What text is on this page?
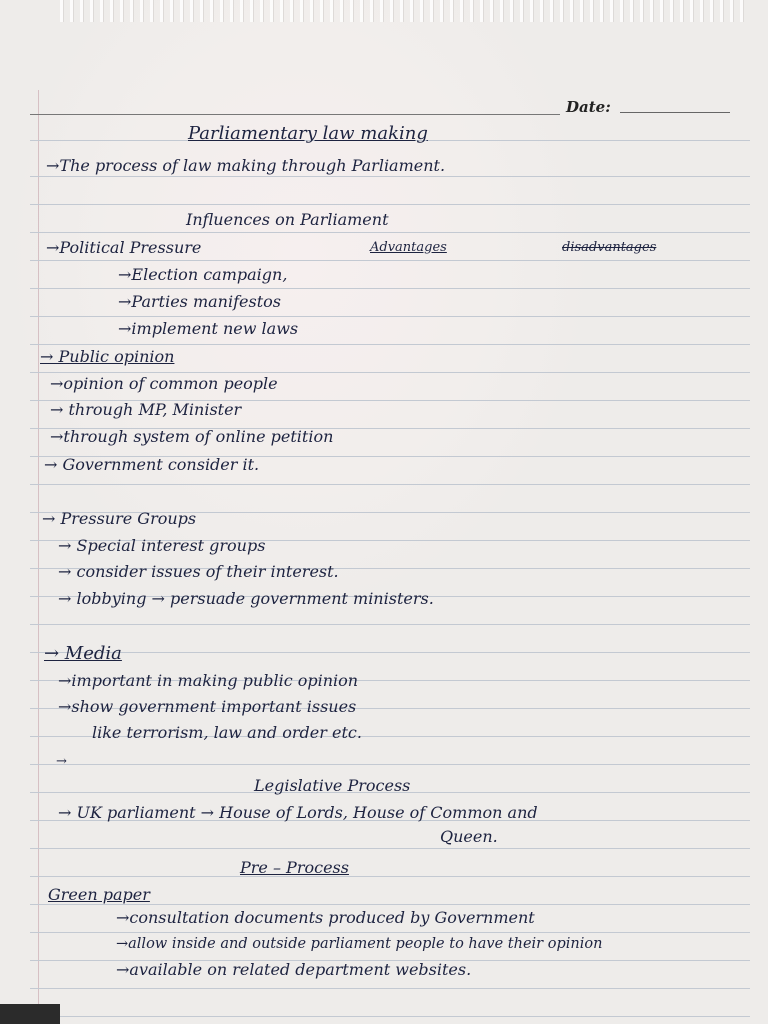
Date:
Parliamentary law making
→The process of law making through Parliament.
Influences on Parliament
→Political Pressure	Advantages	disadvantages
→Election campaign,
→Parties manifestos
→implement new laws
→ Public opinion
→opinion of common people
→ through MP, Minister
→through system of online petition
→ Government consider it.
→ Pressure Groups
→ Special interest groups
→ consider issues of their interest.
→ lobbying → persuade government ministers.
→ Media
→important in making public opinion
→show government important issues
like terrorism, law and order etc.
→
Legislative Process
→ UK parliament → House of Lords, House of Common and
Queen.
Pre – Process
Green paper
→consultation documents produced by Government
→allow inside and outside parliament people to have their opinion
→available on related department websites.
